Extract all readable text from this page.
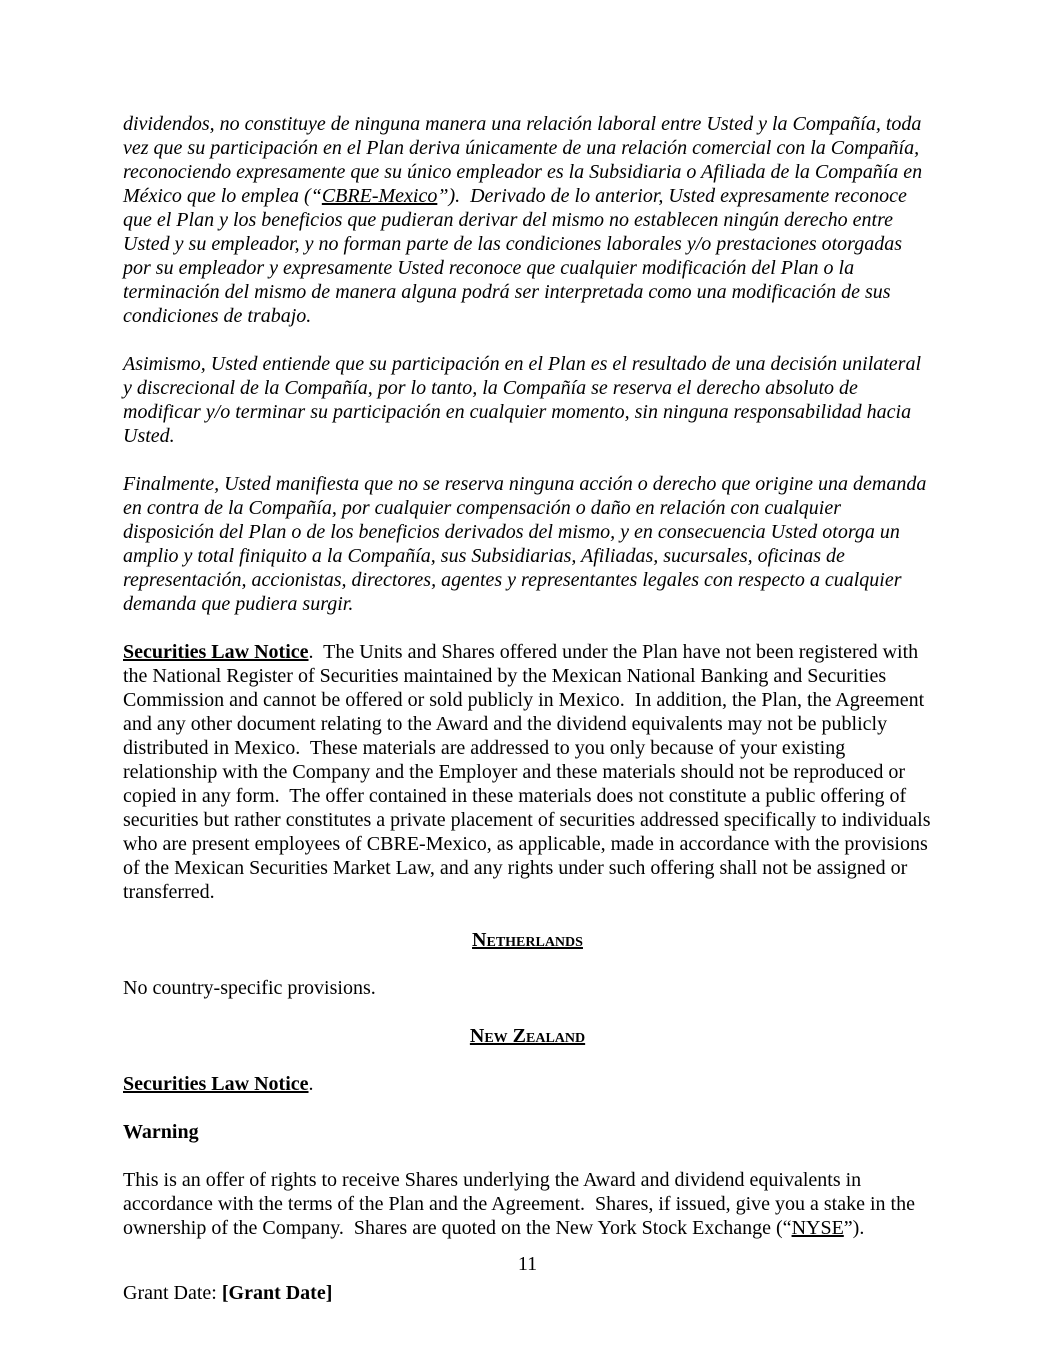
dividendos, no constituye de ninguna manera una relación laboral entre Usted y la Compañía, toda vez que su participación en el Plan deriva únicamente de una relación comercial con la Compañía, reconociendo expresamente que su único empleador es la Subsidiaria o Afiliada de la Compañía en México que lo emplea (“CBRE-Mexico”).  Derivado de lo anterior, Usted expresamente reconoce que el Plan y los beneficios que pudieran derivar del mismo no establecen ningún derecho entre Usted y su empleador, y no forman parte de las condiciones laborales y/o prestaciones otorgadas por su empleador y expresamente Usted reconoce que cualquier modificación del Plan o la terminación del mismo de manera alguna podrá ser interpretada como una modificación de sus condiciones de trabajo.

Asimismo, Usted entiende que su participación en el Plan es el resultado de una decisión unilateral y discrecional de la Compañía, por lo tanto, la Compañía se reserva el derecho absoluto de modificar y/o terminar su participación en cualquier momento, sin ninguna responsabilidad hacia Usted.

Finalmente, Usted manifiesta que no se reserva ninguna acción o derecho que origine una demanda en contra de la Compañía, por cualquier compensación o daño en relación con cualquier disposición del Plan o de los beneficios derivados del mismo, y en consecuencia Usted otorga un amplio y total finiquito a la Compañía, sus Subsidiarias, Afiliadas, sucursales, oficinas de representación, accionistas, directores, agentes y representantes legales con respecto a cualquier demanda que pudiera surgir.

Securities Law Notice.  The Units and Shares offered under the Plan have not been registered with the National Register of Securities maintained by the Mexican National Banking and Securities Commission and cannot be offered or sold publicly in Mexico.  In addition, the Plan, the Agreement and any other document relating to the Award and the dividend equivalents may not be publicly distributed in Mexico.  These materials are addressed to you only because of your existing relationship with the Company and the Employer and these materials should not be reproduced or copied in any form.  The offer contained in these materials does not constitute a public offering of securities but rather constitutes a private placement of securities addressed specifically to individuals who are present employees of CBRE-Mexico, as applicable, made in accordance with the provisions of the Mexican Securities Market Law, and any rights under such offering shall not be assigned or transferred.

Netherlands

No country-specific provisions.

New Zealand

Securities Law Notice.

Warning

This is an offer of rights to receive Shares underlying the Award and dividend equivalents in accordance with the terms of the Plan and the Agreement.  Shares, if issued, give you a stake in the ownership of the Company.  Shares are quoted on the New York Stock Exchange (“NYSE”).

11
Grant Date: [Grant Date]
